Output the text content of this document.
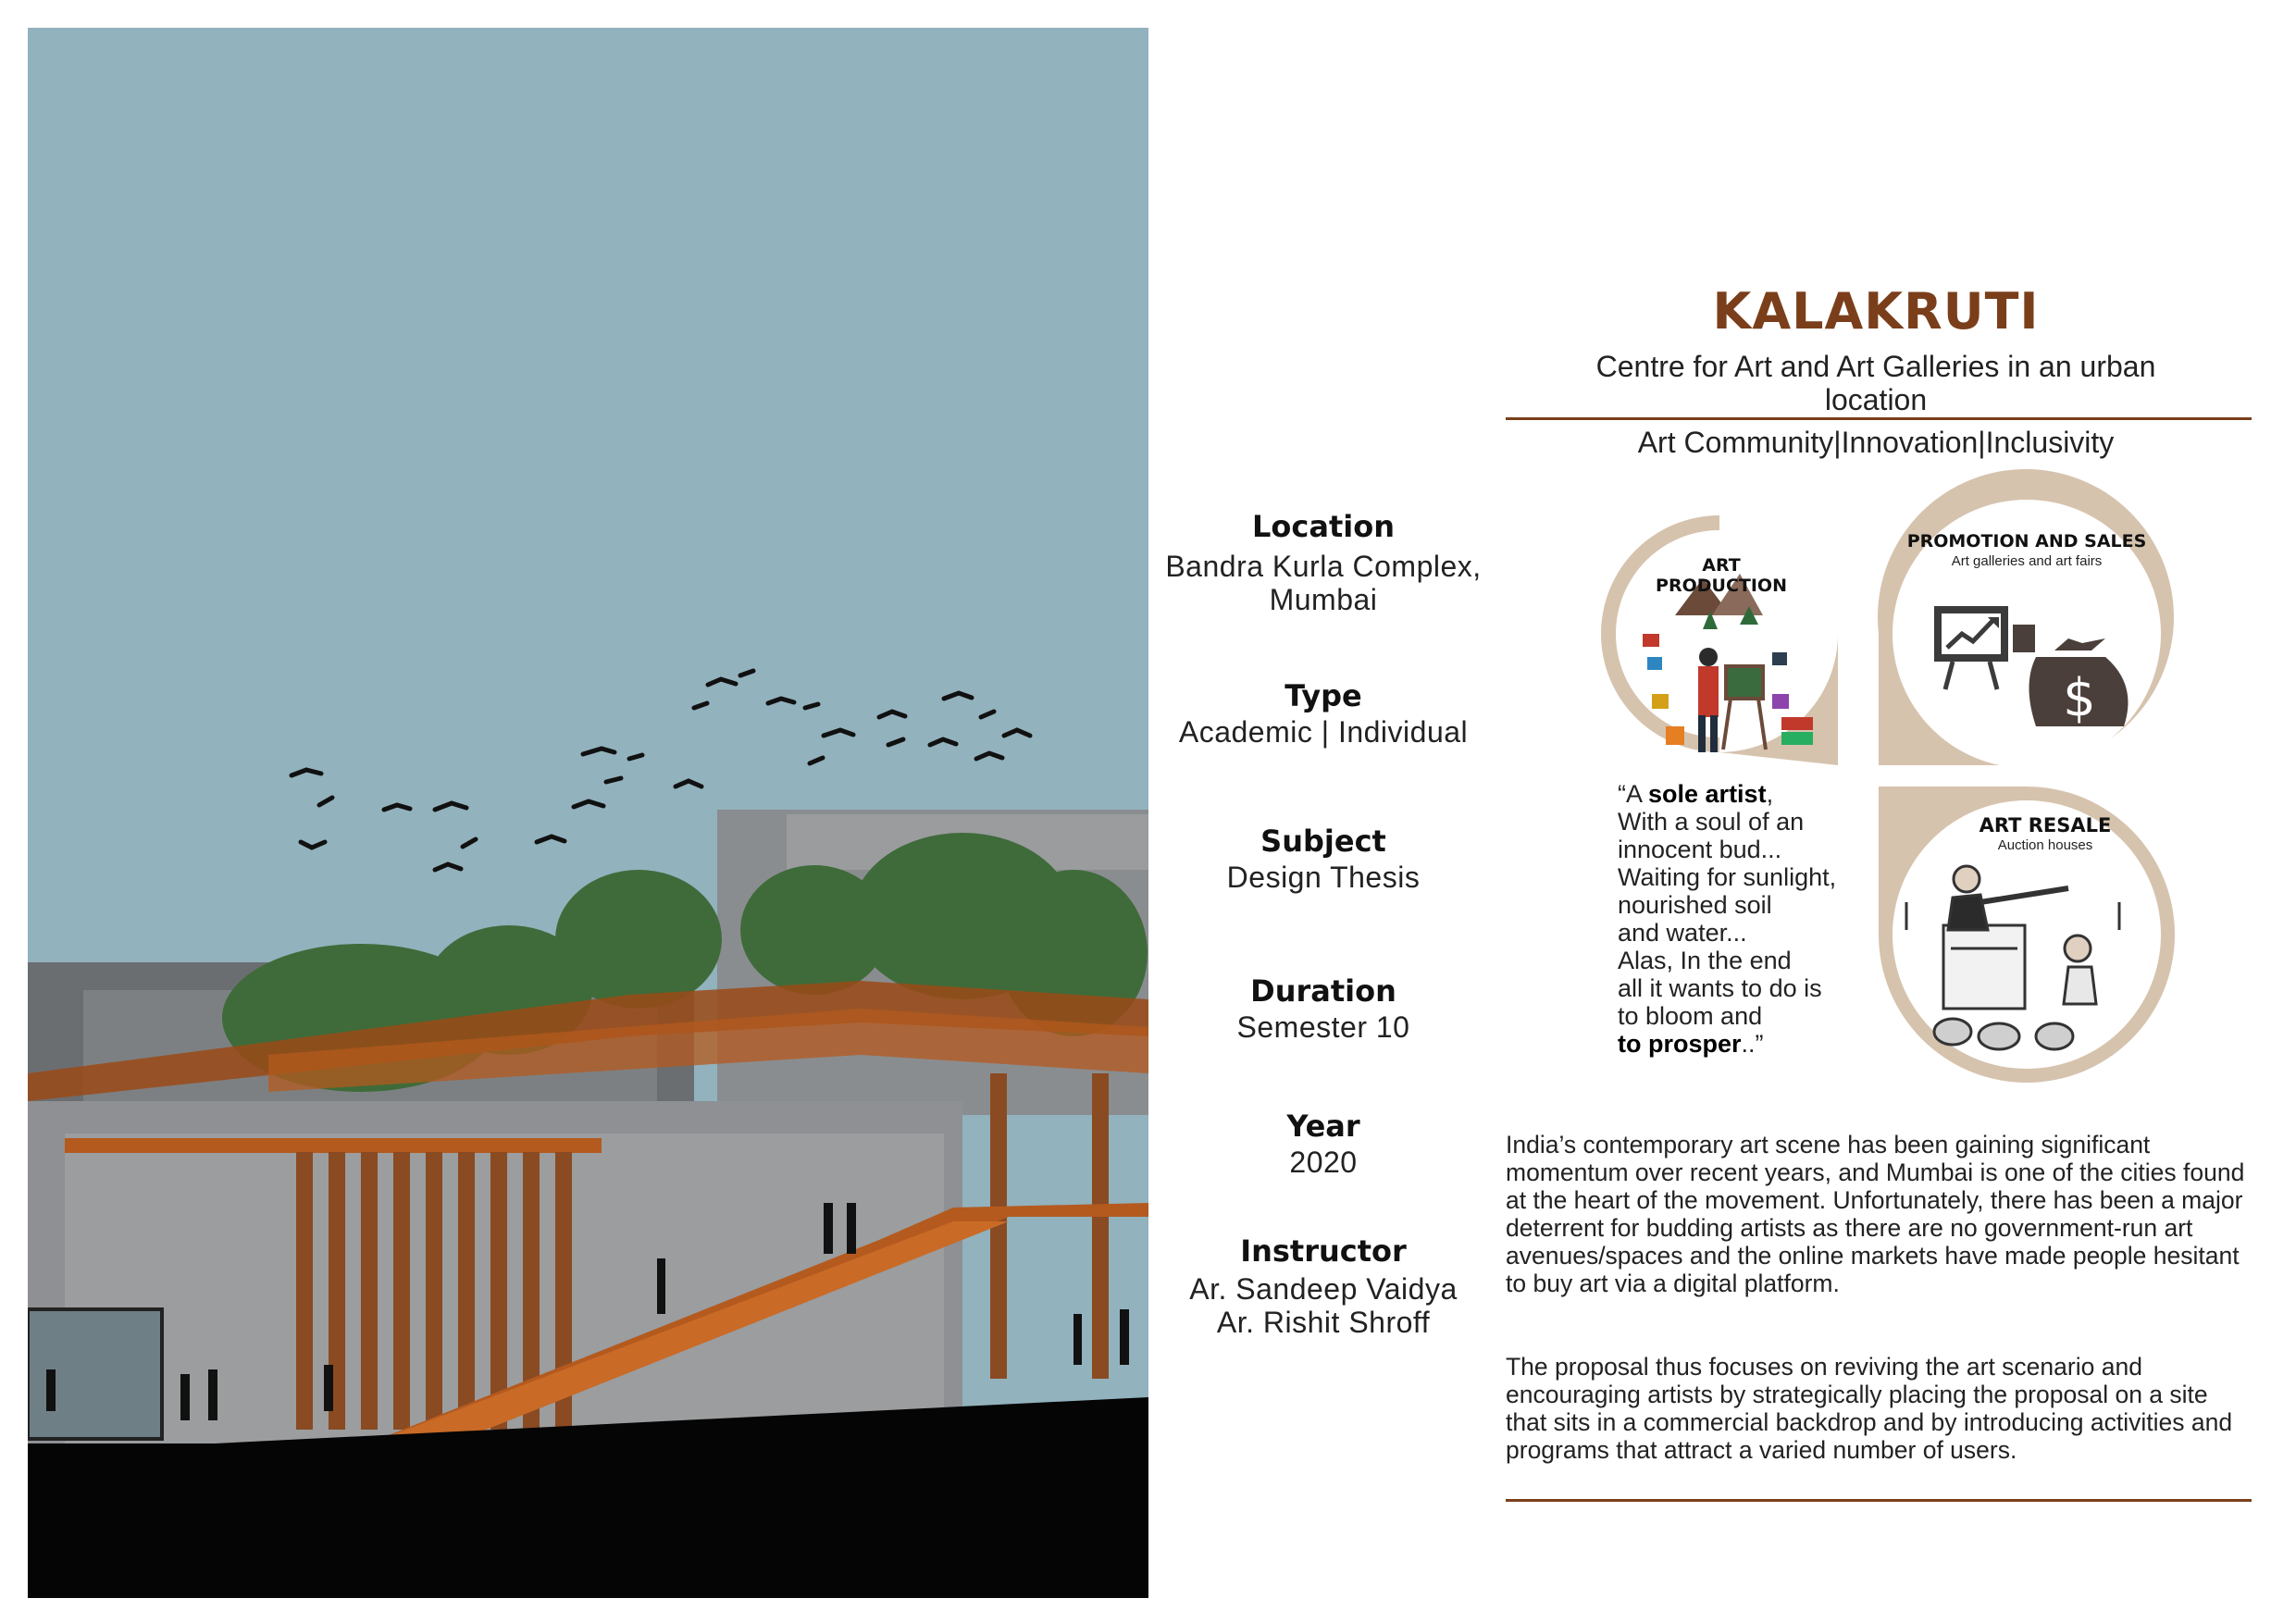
Location
Bandra Kurla Complex,
Mumbai
Type
Academic | Individual
Subject
Design Thesis
Duration
Semester 10
Year
2020
Instructor
Ar. Sandeep Vaidya
Ar. Rishit Shroff
KALAKRUTI
Centre for Art and Art Galleries in an urban location
Art Community|Innovation|Inclusivity
$
ART PRODUCTION
PROMOTION AND SALES
Art galleries and art fairs
ART RESALE
Auction houses
“A sole artist,
With a soul of an
innocent bud...
Waiting for sunlight,
nourished soil
and water...
Alas, In the end
all it wants to do is
to bloom and
to prosper..”
India’s contemporary art scene has been gaining significant momentum over recent years, and Mumbai is one of the cities found at the heart of the movement. Unfortunately, there has been a major deterrent for budding artists as there are no government-run art avenues/spaces and the online markets have made people hesitant to buy art via a digital platform.
The proposal thus focuses on reviving the art scenario and encouraging artists by strategically placing the proposal on a site that sits in a commercial backdrop and by introducing activities and programs that attract a varied number of users.
